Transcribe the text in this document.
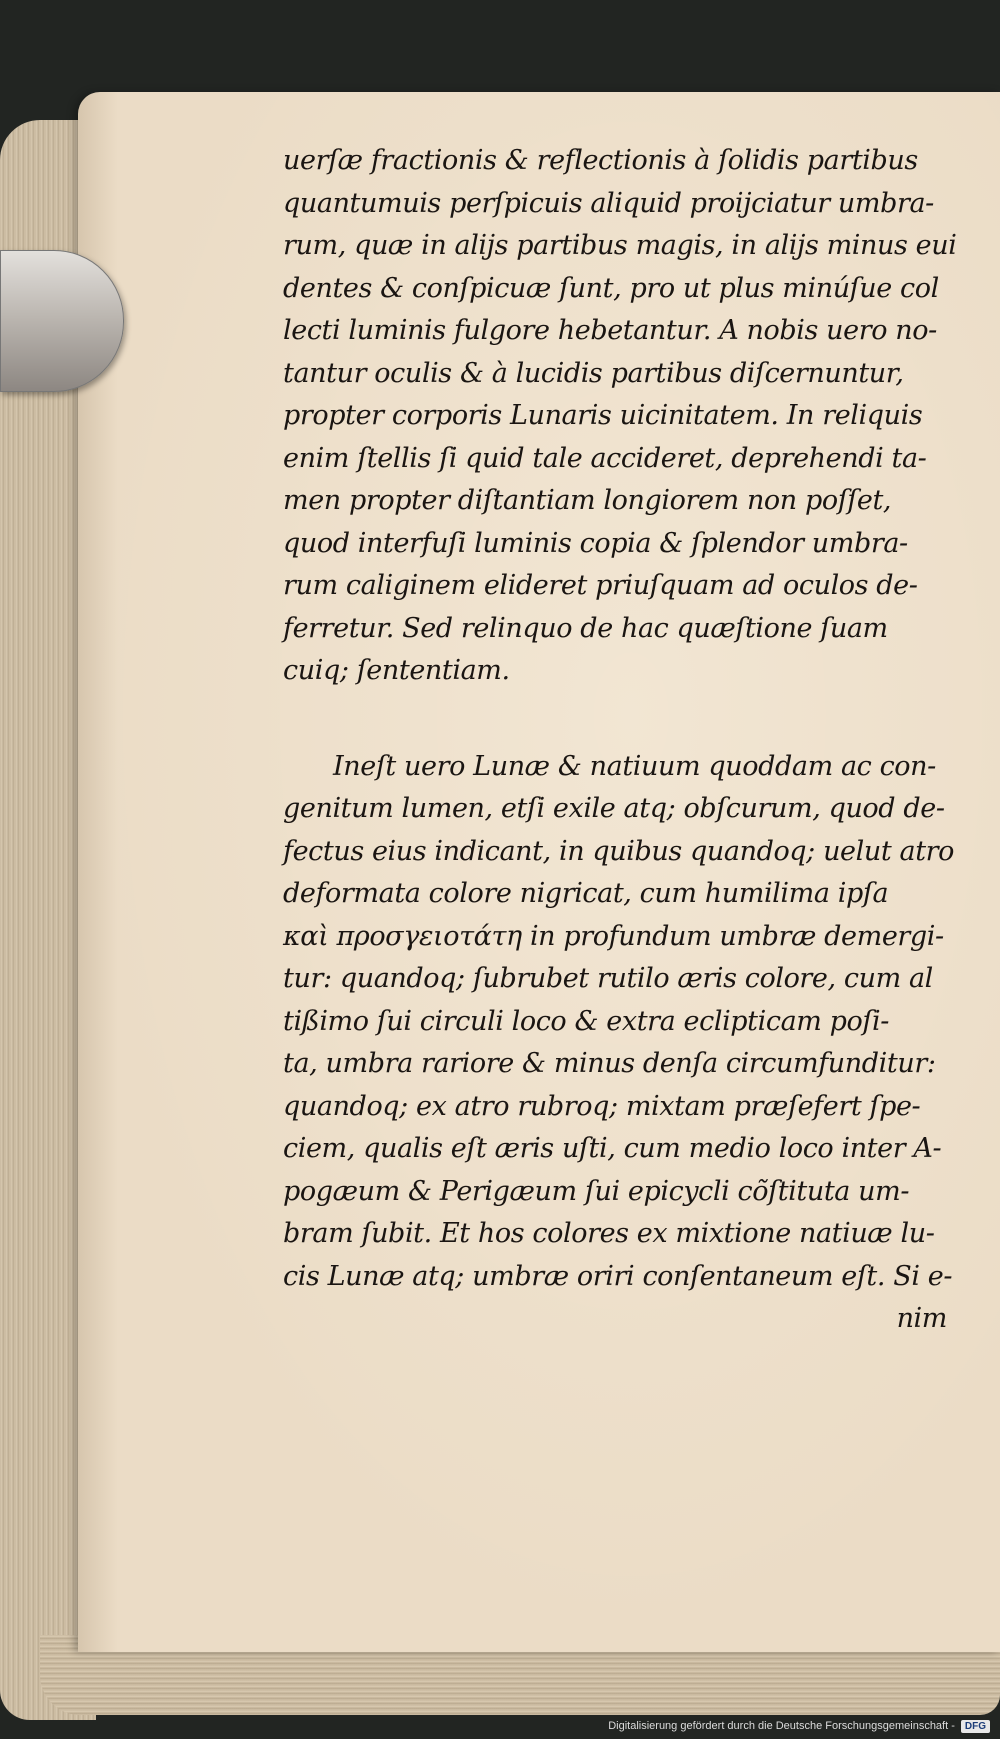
uerſæ fractionis & reflectionis à ſolidis partibus
quantumuis perſpicuis aliquid proijciatur umbra-
rum, quæ in alijs partibus magis, in alijs minus eui
dentes & conſpicuæ ſunt, pro ut plus minúſue col
lecti luminis fulgore hebetantur. A nobis uero no-
tantur oculis & à lucidis partibus diſcernuntur,
propter corporis Lunaris uicinitatem. In reliquis
enim ſtellis ſi quid tale accideret, deprehendi ta-
men propter diſtantiam longiorem non poſſet,
quod interfuſi luminis copia & ſplendor umbra-
rum caliginem elideret priuſquam ad oculos de-
ferretur. Sed relinquo de hac quæſtione ſuam
cuiq; ſententiam.
Ineſt uero Lunæ & natiuum quoddam ac con-
genitum lumen, etſi exile atq; obſcurum, quod de-
fectus eius indicant, in quibus quandoq; uelut atro
deformata colore nigricat, cum humilima ipſa
καὶ προσγειοτάτη in profundum umbræ demergi-
tur: quandoq; ſubrubet rutilo æris colore, cum al
tißimo ſui circuli loco & extra eclipticam poſi-
ta, umbra rariore & minus denſa circumfunditur:
quandoq; ex atro rubroq; mixtam præſefert ſpe-
ciem, qualis eſt æris uſti, cum medio loco inter A-
pogæum & Perigæum ſui epicycli cõſtituta um-
bram ſubit. Et hos colores ex mixtione natiuæ lu-
cis Lunæ atq; umbræ oriri conſentaneum eſt. Si e-
nim
Digitalisierung gefördert durch die Deutsche Forschungsgemeinschaft -	DFG
